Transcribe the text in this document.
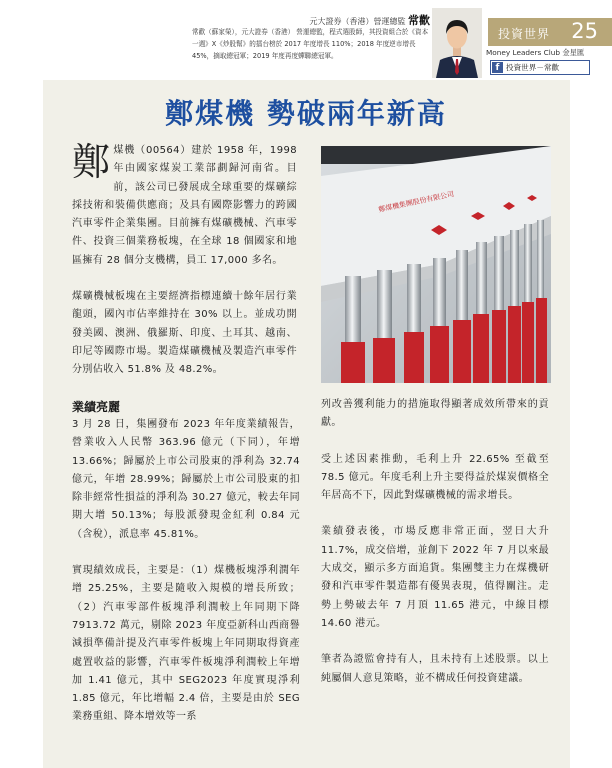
元大證券（香港）營運總監 常歡
常歡（蘇家榮），元大證券（香港） 營運總監，程式選股師，其投資組合於《資本一週》X《炒股幫》的擂台榜於 2017 年度增長 110%；2018 年度逆市增長 45%，摘取總冠軍；2019 年度再度蟬聯總冠軍。
投資世界 25
Money Leaders Club 金星匯
f 投資世界－常歡
鄭煤機 勢破兩年新高

鄭煤機（00564）建於 1958 年，1998 年由國家煤炭工業部劃歸河南省。目前，該公司已發展成全球重要的煤礦綜採技術和裝備供應商；及具有國際影響力的跨國汽車零件企業集團。目前擁有煤礦機械、汽車零件、投資三個業務板塊，在全球 18 個國家和地區擁有 28 個分支機構，員工 17,000 多名。

煤礦機械板塊在主要經濟指標連續十餘年居行業龍頭，國內市佔率維持在 30% 以上。並成功開發美國、澳洲、俄羅斯、印度、土耳其、越南、印尼等國際市場。製造煤礦機械及製造汽車零件分別佔收入 51.8% 及 48.2%。

鄭煤機集團股份有限公司
業績亮麗

3 月 28 日，集團發布 2023 年年度業績報告，營業收入人民幣 363.96 億元（下同），年增 13.66%；歸屬於上市公司股東的淨利為 32.74 億元，年增 28.99%；歸屬於上市公司股東的扣除非經常性損益的淨利為 30.27 億元，較去年同期大增 50.13%；每股派發現金紅利 0.84 元（含稅），派息率 45.81%。

實現績效成長，主要是：（1）煤機板塊淨利潤年增 25.25%，主要是隨收入規模的增長所致；（2）汽車零部件板塊淨利潤較上年同期下降 7913.72 萬元，剔除 2023 年度亞新科山西商譽減損準備計提及汽車零件板塊上年同期取得資產處置收益的影響，汽車零件板塊淨利潤較上年增加 1.41 億元，其中 SEG2023 年度實現淨利 1.85 億元，年比增幅 2.4 倍，主要是由於 SEG 業務重組、降本增效等一系

列改善獲利能力的措施取得顯著成效所帶來的貢獻。

受上述因素推動，毛利上升 22.65% 至截至 78.5 億元。年度毛利上升主要得益於煤炭價格全年居高不下，因此對煤礦機械的需求增長。

業績發表後，市場反應非常正面，翌日大升 11.7%，成交倍增，並創下 2022 年 7 月以來最大成交，顯示多方面追貨。集團雙主力在煤機研發和汽車零件製造都有優異表現，值得關注。走勢上勢破去年 7 月頂 11.65 港元，中線目標 14.60 港元。

筆者為證監會持有人，且未持有上述股票。以上純屬個人意見策略，並不構成任何投資建議。
